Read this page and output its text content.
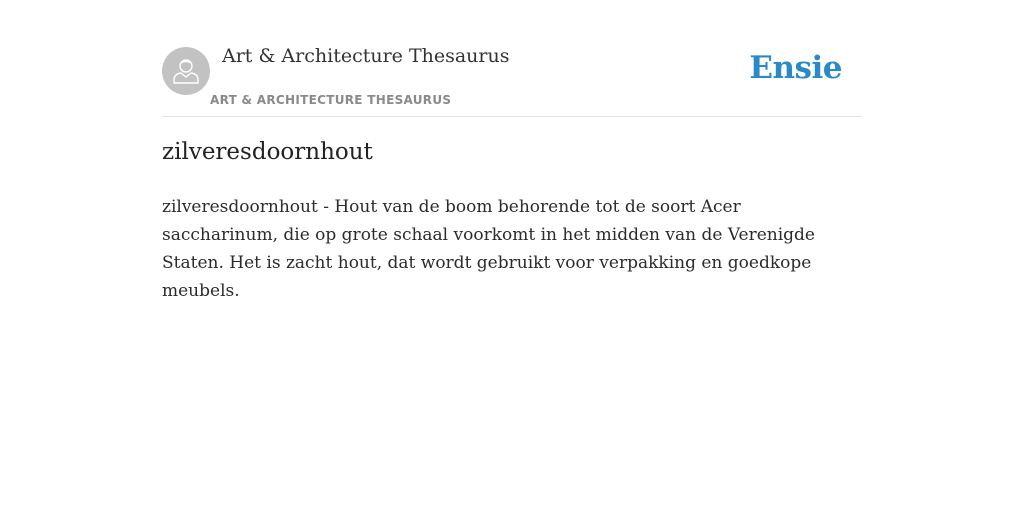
Art & Architecture Thesaurus
ART & ARCHITECTURE THESAURUS
Ensie
zilveresdoornhout

zilveresdoornhout - Hout van de boom behorende tot de soort Acer saccharinum, die op grote schaal voorkomt in het midden van de Verenigde Staten. Het is zacht hout, dat wordt gebruikt voor verpakking en goedkope meubels.
